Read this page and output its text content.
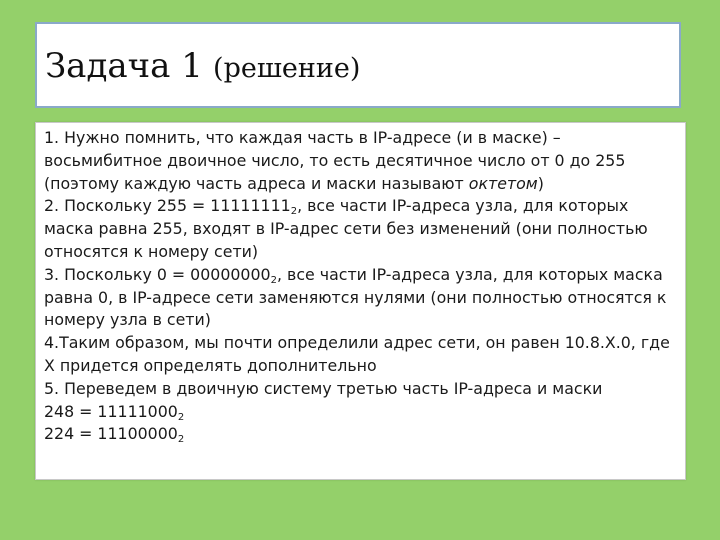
Задача 1 (решение)

1. Нужно помнить, что каждая часть в IP-адресе (и в маске) – восьмибитное двоичное число, то есть десятичное число от 0 до 255 (поэтому каждую часть адреса и маски называют октетом)

2. Поскольку $255 = 11111111_2$, все части IP-адреса узла, для которых маска равна 255, входят в IP-адрес сети без изменений (они полностью относятся к номеру сети)

3. Поскольку $0 = 00000000_2$, все части IP-адреса узла, для которых маска равна 0, в IP-адресе сети заменяются нулями (они полностью относятся к номеру узла в сети)

4.Таким образом, мы почти определили адрес сети, он равен 10.8.X.0, где X придется определять дополнительно

5. Переведем в двоичную систему третью часть IP-адреса и маски

$248 = 11111000_2$

$224 = 11100000_2$
